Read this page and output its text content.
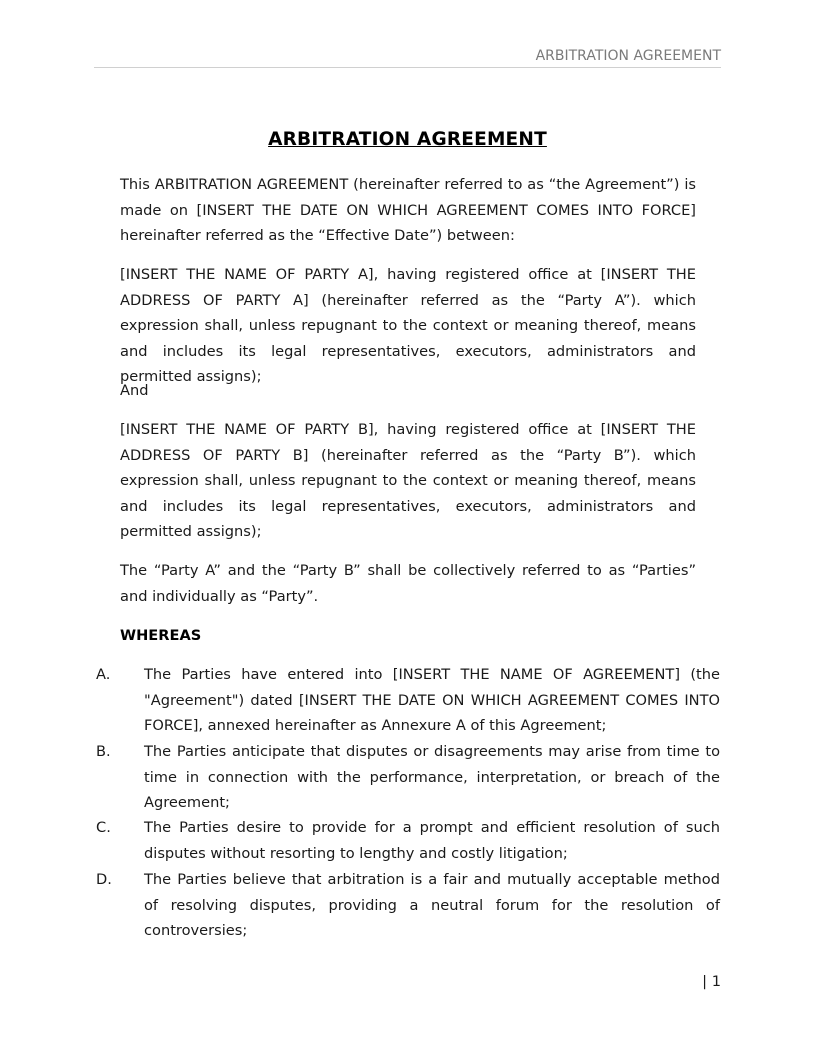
ARBITRATION AGREEMENT
ARBITRATION AGREEMENT

This ARBITRATION AGREEMENT (hereinafter referred to as “the Agreement”) is made on [INSERT THE DATE ON WHICH AGREEMENT COMES INTO FORCE] hereinafter referred as the “Effective Date”) between:

[INSERT THE NAME OF PARTY A], having registered office at [INSERT THE ADDRESS OF PARTY A] (hereinafter referred as the “Party A”). which expression shall, unless repugnant to the context or meaning thereof, means and includes its legal representatives, executors, administrators and permitted assigns);

And

[INSERT THE NAME OF PARTY B], having registered office at [INSERT THE ADDRESS OF PARTY B] (hereinafter referred as the “Party B”). which expression shall, unless repugnant to the context or meaning thereof, means and includes its legal representatives, executors, administrators and permitted assigns);

The “Party A” and the “Party B” shall be collectively referred to as “Parties” and individually as “Party”.

WHEREAS
A.	The Parties have entered into [INSERT THE NAME OF AGREEMENT] (the "Agreement") dated [INSERT THE DATE ON WHICH AGREEMENT COMES INTO FORCE], annexed hereinafter as Annexure A of this Agreement;

B.	The Parties anticipate that disputes or disagreements may arise from time to time in connection with the performance, interpretation, or breach of the Agreement;

C.	The Parties desire to provide for a prompt and efficient resolution of such disputes without resorting to lengthy and costly litigation;

D.	The Parties believe that arbitration is a fair and mutually acceptable method of resolving disputes, providing a neutral forum for the resolution of controversies;

| 1
